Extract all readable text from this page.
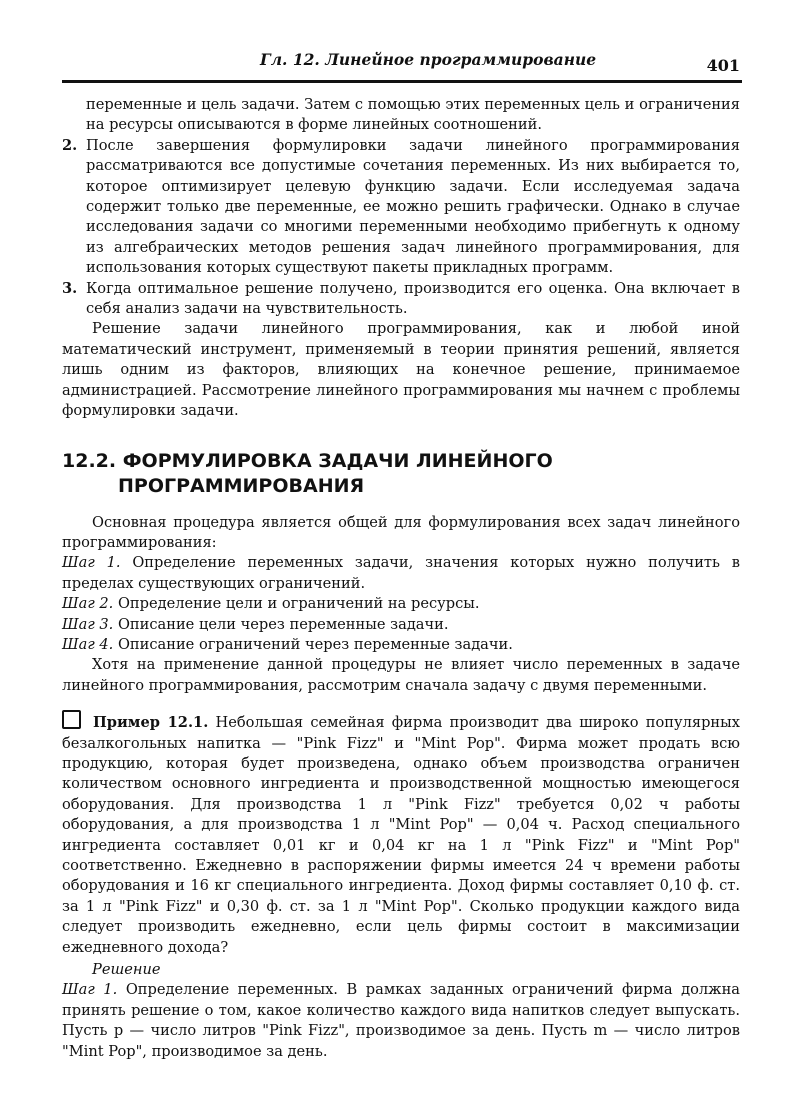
Гл. 12. Линейное программирование	401

переменные и цель задачи. Затем с помощью этих переменных цель и ограничения на ресурсы описываются в форме линейных соотношений.

2. После завершения формулировки задачи линейного программирования рассматриваются все допустимые сочетания переменных. Из них выбирается то, которое оптимизирует целевую функцию задачи. Если исследуемая задача содержит только две переменные, ее можно решить графически. Однако в случае исследования задачи со многими переменными необходимо прибегнуть к одному из алгебраических методов решения задач линейного программирования, для использования которых существуют пакеты прикладных программ.
3. Когда оптимальное решение получено, производится его оценка. Она включает в себя анализ задачи на чувствительность.

Решение задачи линейного программирования, как и любой иной математический инструмент, применяемый в теории принятия решений, является лишь одним из факторов, влияющих на конечное решение, принимаемое администрацией. Рассмотрение линейного программирования мы начнем с проблемы формулировки задачи.

12.2. ФОРМУЛИРОВКА ЗАДАЧИ ЛИНЕЙНОГО ПРОГРАММИРОВАНИЯ

Основная процедура является общей для формулирования всех задач линейного программирования:

Шаг 1. Определение переменных задачи, значения которых нужно получить в пределах существующих ограничений.

Шаг 2. Определение цели и ограничений на ресурсы.

Шаг 3. Описание цели через переменные задачи.

Шаг 4. Описание ограничений через переменные задачи.

Хотя на применение данной процедуры не влияет число переменных в задаче линейного программирования, рассмотрим сначала задачу с двумя переменными.

Пример 12.1. Небольшая семейная фирма производит два широко популярных безалкогольных напитка — "Pink Fizz" и "Mint Pop". Фирма может продать всю продукцию, которая будет произведена, однако объем производства ограничен количеством основного ингредиента и производственной мощностью имеющегося оборудования. Для производства 1 л "Pink Fizz" требуется 0,02 ч работы оборудования, а для производства 1 л "Mint Pop" — 0,04 ч. Расход специального ингредиента составляет 0,01 кг и 0,04 кг на 1 л "Pink Fizz" и "Mint Pop" соответственно. Ежедневно в распоряжении фирмы имеется 24 ч времени работы оборудования и 16 кг специального ингредиента. Доход фирмы составляет 0,10 ф. ст. за 1 л "Pink Fizz" и 0,30 ф. ст. за 1 л "Mint Pop". Сколько продукции каждого вида следует производить ежедневно, если цель фирмы состоит в максимизации ежедневного дохода?

Решение

Шаг 1. Определение переменных. В рамках заданных ограничений фирма должна принять решение о том, какое количество каждого вида напитков следует выпускать. Пусть p — число литров "Pink Fizz", производимое за день. Пусть m — число литров "Mint Pop", производимое за день.
